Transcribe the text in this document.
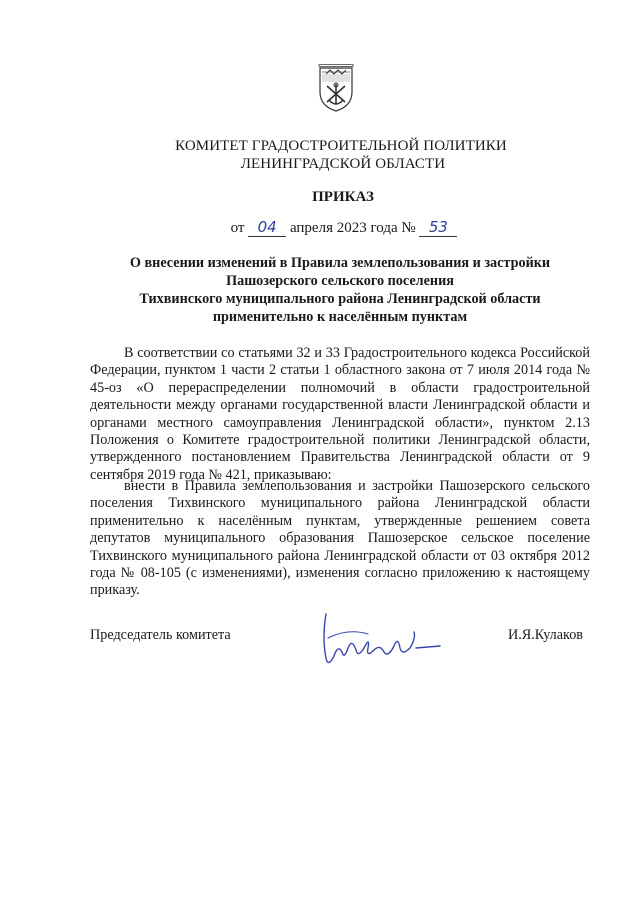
КОМИТЕТ ГРАДОСТРОИТЕЛЬНОЙ ПОЛИТИКИ
ЛЕНИНГРАДСКОЙ ОБЛАСТИ
ПРИКАЗ
от 04 апреля 2023 года № 53
О внесении изменений в Правила землепользования и застройки
Пашозерского сельского поселения
Тихвинского муниципального района Ленинградской области
применительно к населённым пунктам
В соответствии со статьями 32 и 33 Градостроительного кодекса Российской Федерации, пунктом 1 части 2 статьи 1 областного закона от 7 июля 2014 года № 45-оз «О перераспределении полномочий в области градостроительной деятельности между органами государственной власти Ленинградской области и органами местного самоуправления Ленинградской области», пунктом 2.13 Положения о Комитете градостроительной политики Ленинградской области, утвержденного постановлением Правительства Ленинградской области от 9 сентября 2019 года № 421, приказываю:
внести в Правила землепользования и застройки Пашозерского сельского поселения Тихвинского муниципального района Ленинградской области применительно к населённым пунктам, утвержденные решением совета депутатов муниципального образования Пашозерское сельское поселение Тихвинского муниципального района Ленинградской области от 03 октября 2012 года № 08-105 (с изменениями), изменения согласно приложению к настоящему приказу.
Председатель комитета	И.Я.Кулаков
